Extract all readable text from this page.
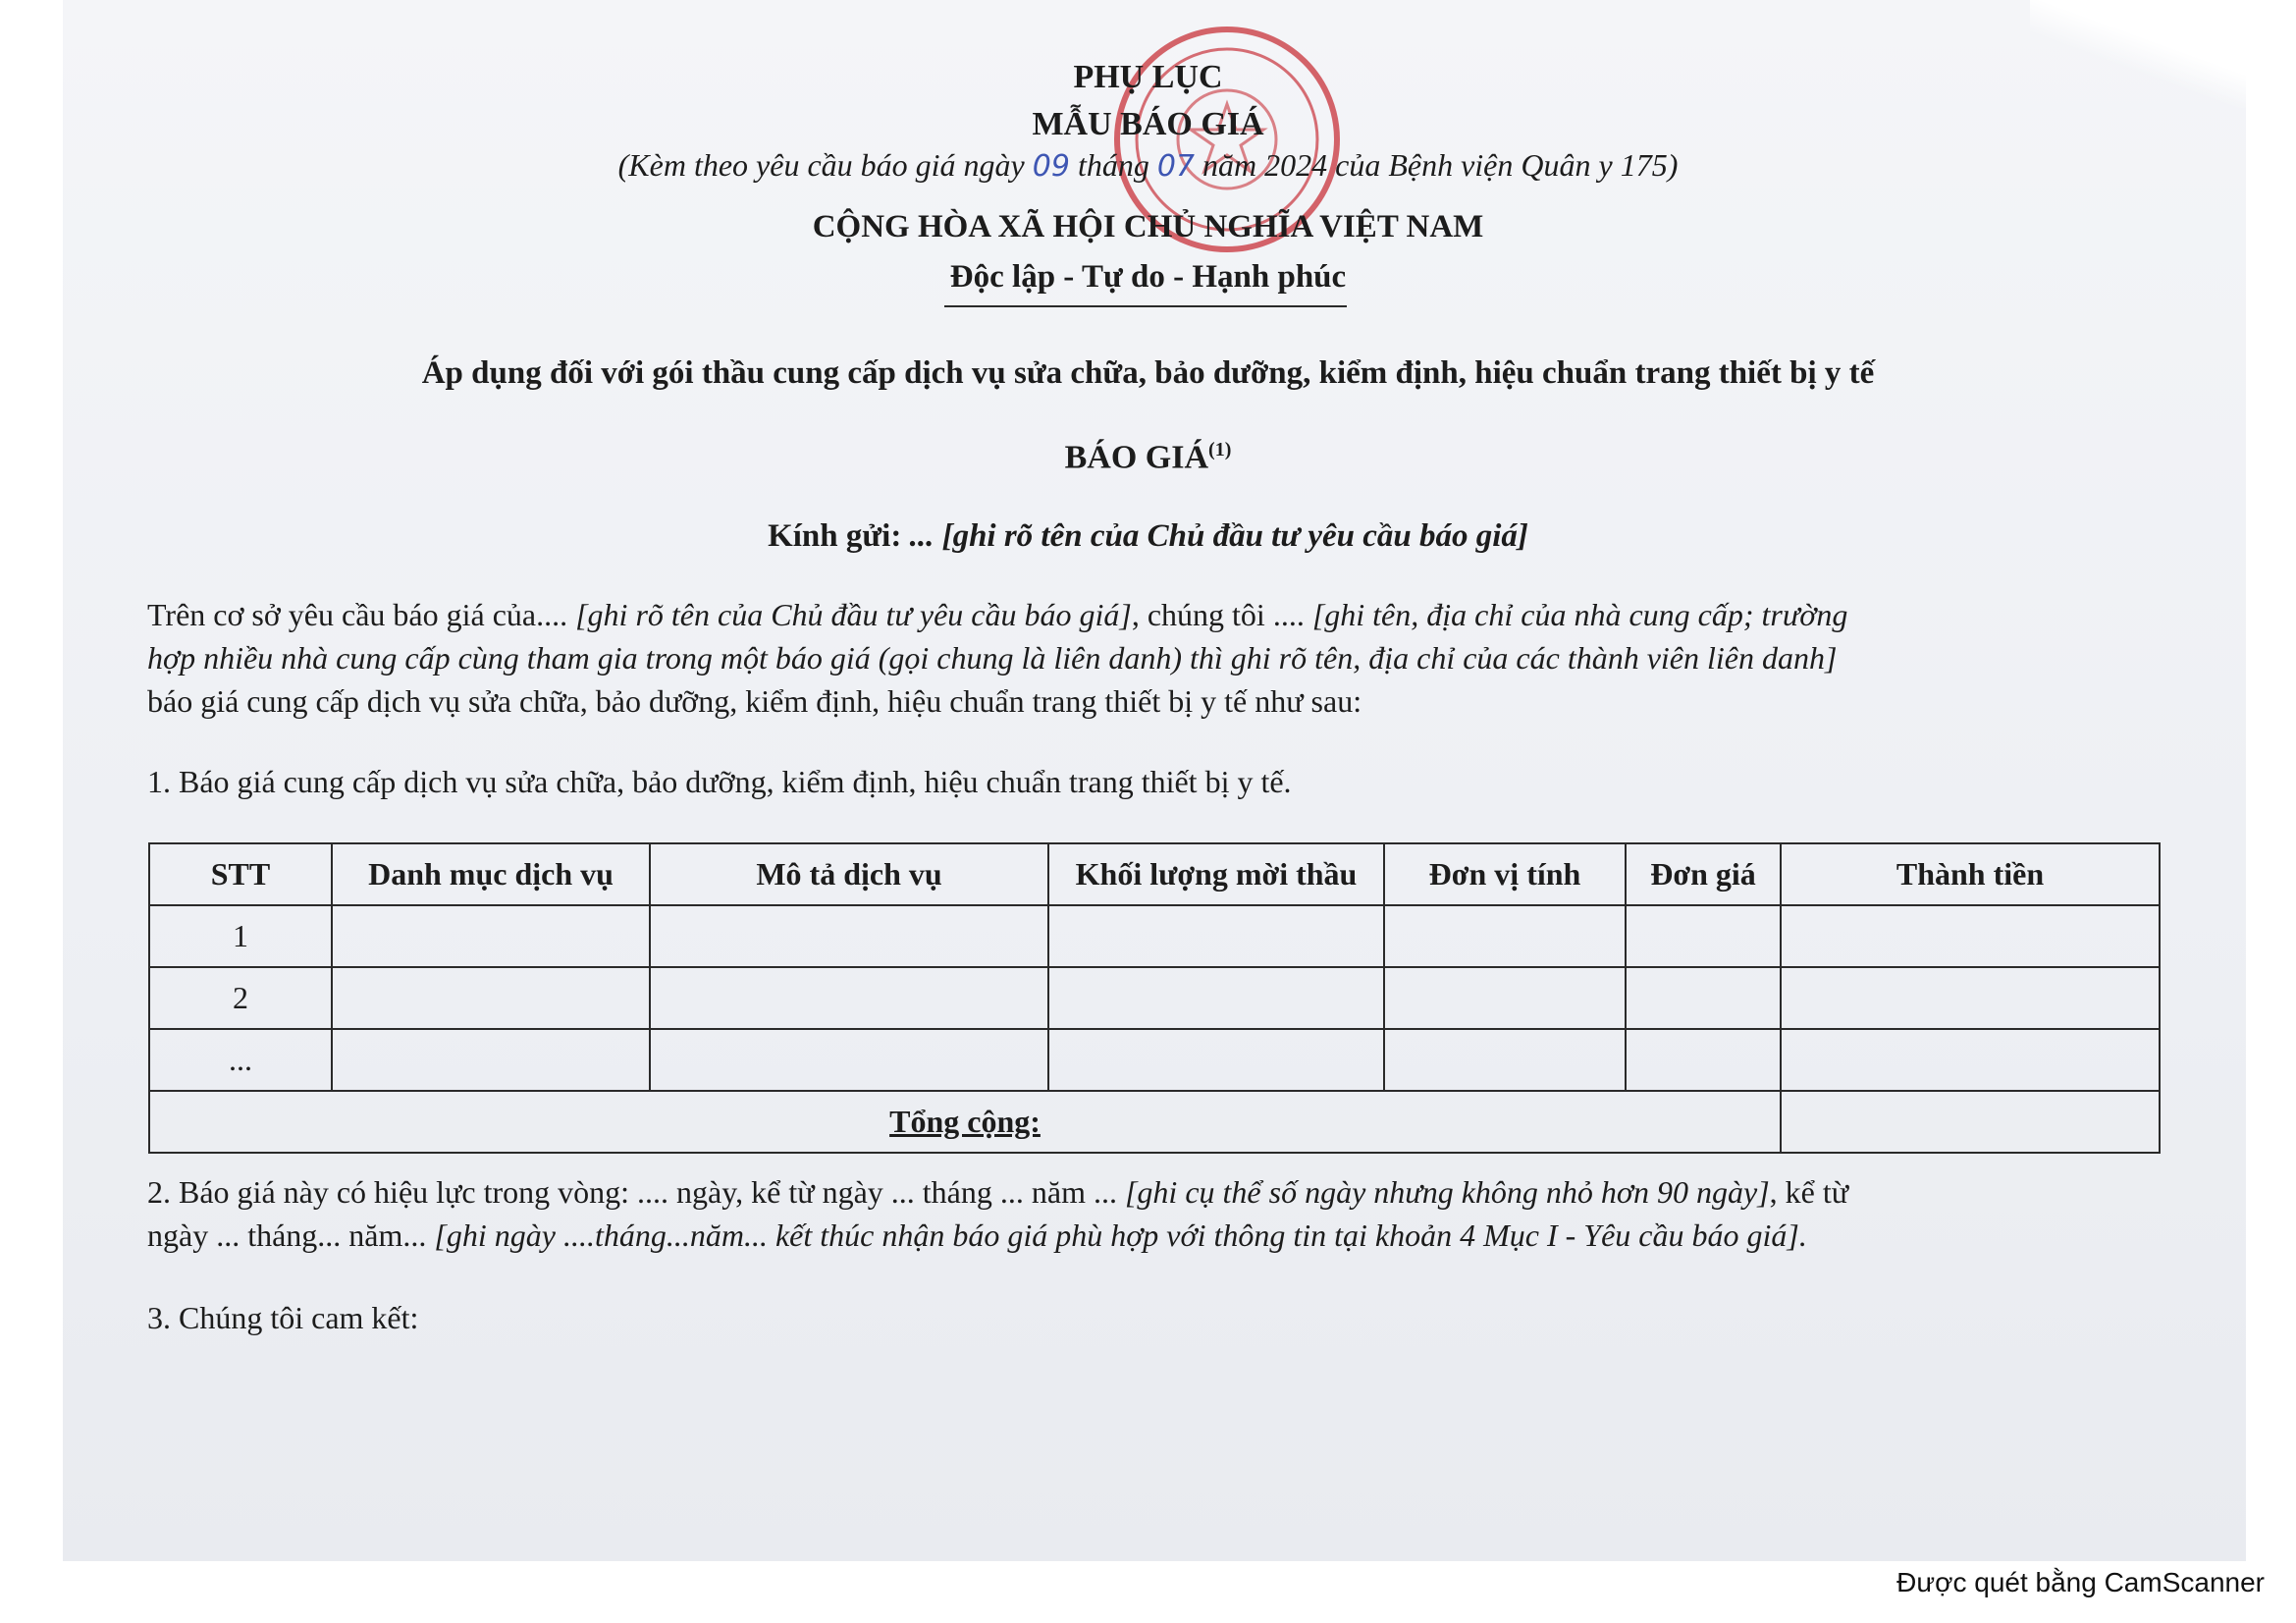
PHỤ LỤC
MẪU BÁO GIÁ
(Kèm theo yêu cầu báo giá ngày 09 tháng 07 năm 2024 của Bệnh viện Quân y 175)
CỘNG HÒA XÃ HỘI CHỦ NGHĨA VIỆT NAM
Độc lập - Tự do - Hạnh phúc
Áp dụng đối với gói thầu cung cấp dịch vụ sửa chữa, bảo dưỡng, kiểm định, hiệu chuẩn trang thiết bị y tế
BÁO GIÁ$^{(1)}$
Kính gửi: ... [ghi rõ tên của Chủ đầu tư yêu cầu báo giá]
Trên cơ sở yêu cầu báo giá của.... [ghi rõ tên của Chủ đầu tư yêu cầu báo giá], chúng tôi .... [ghi tên, địa chỉ của nhà cung cấp; trường
hợp nhiều nhà cung cấp cùng tham gia trong một báo giá (gọi chung là liên danh) thì ghi rõ tên, địa chỉ của các thành viên liên danh]
báo giá cung cấp dịch vụ sửa chữa, bảo dưỡng, kiểm định, hiệu chuẩn trang thiết bị y tế như sau:
1. Báo giá cung cấp dịch vụ sửa chữa, bảo dưỡng, kiểm định, hiệu chuẩn trang thiết bị y tế.
STT	Danh mục dịch vụ	Mô tả dịch vụ	Khối lượng mời thầu	Đơn vị tính	Đơn giá	Thành tiền
1						
2						
...						
Tổng cộng:						
2. Báo giá này có hiệu lực trong vòng: .... ngày, kể từ ngày ... tháng ... năm ... [ghi cụ thể số ngày nhưng không nhỏ hơn 90 ngày], kể từ
ngày ... tháng... năm... [ghi ngày ....tháng...năm... kết thúc nhận báo giá phù hợp với thông tin tại khoản 4 Mục I - Yêu cầu báo giá].
3. Chúng tôi cam kết:
Được quét bằng CamScanner
